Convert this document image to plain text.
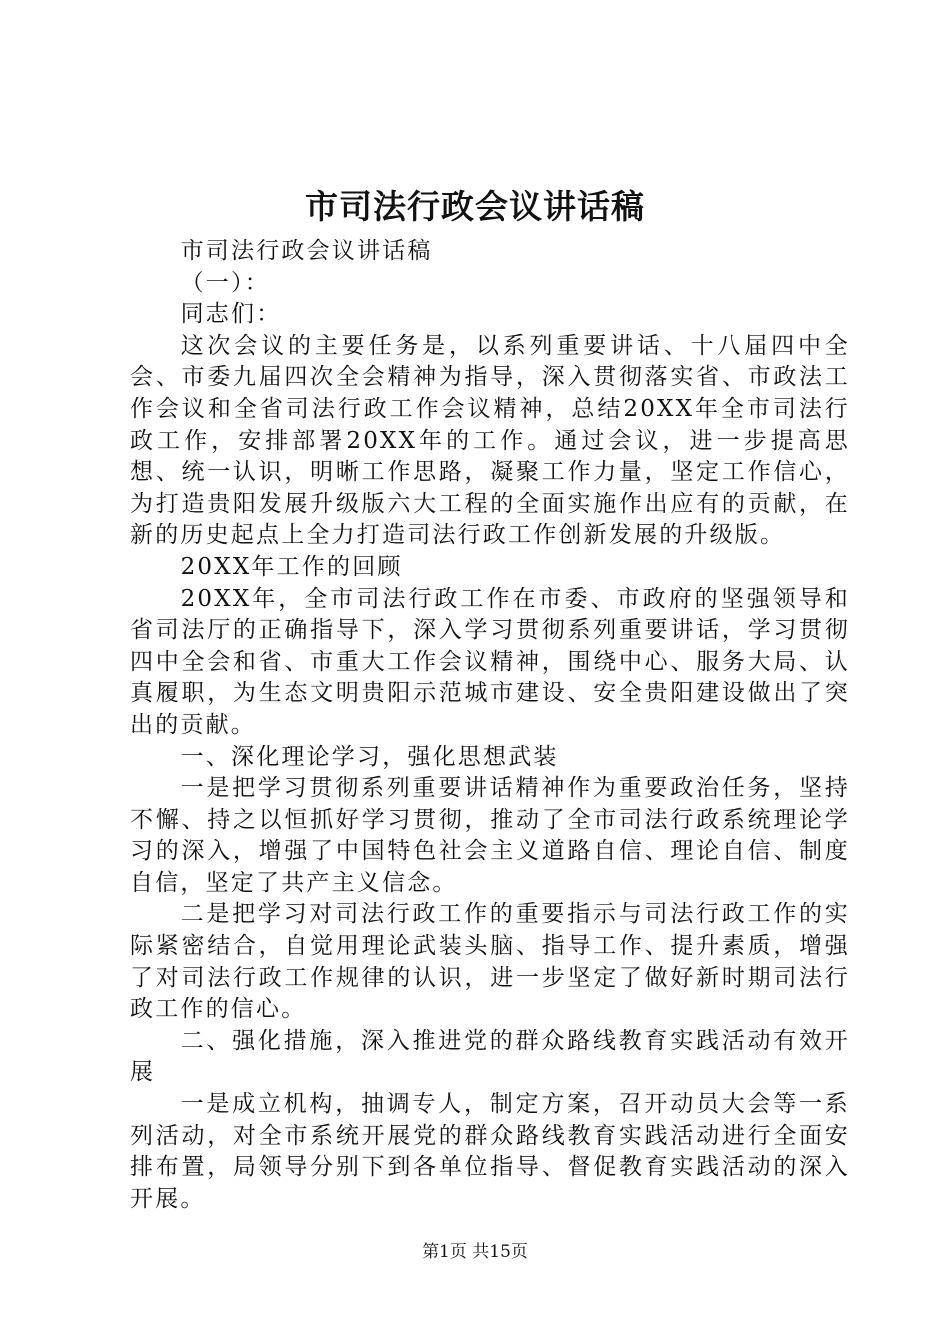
市司法行政会议讲话稿

市司法行政会议讲话稿

（一）：

同志们：

这次会议的主要任务是，以系列重要讲话、十八届四中全会、市委九届四次全会精神为指导，深入贯彻落实省、市政法工作会议和全省司法行政工作会议精神，总结20XX年全市司法行政工作，安排部署20XX年的工作。通过会议，进一步提高思想、统一认识，明晰工作思路，凝聚工作力量，坚定工作信心，为打造贵阳发展升级版六大工程的全面实施作出应有的贡献，在新的历史起点上全力打造司法行政工作创新发展的升级版。

20XX年工作的回顾

20XX年，全市司法行政工作在市委、市政府的坚强领导和省司法厅的正确指导下，深入学习贯彻系列重要讲话，学习贯彻四中全会和省、市重大工作会议精神，围绕中心、服务大局、认真履职，为生态文明贵阳示范城市建设、安全贵阳建设做出了突出的贡献。

一、深化理论学习，强化思想武装

一是把学习贯彻系列重要讲话精神作为重要政治任务，坚持不懈、持之以恒抓好学习贯彻，推动了全市司法行政系统理论学习的深入，增强了中国特色社会主义道路自信、理论自信、制度自信，坚定了共产主义信念。

二是把学习对司法行政工作的重要指示与司法行政工作的实际紧密结合，自觉用理论武装头脑、指导工作、提升素质，增强了对司法行政工作规律的认识，进一步坚定了做好新时期司法行政工作的信心。

二、强化措施，深入推进党的群众路线教育实践活动有效开展

一是成立机构，抽调专人，制定方案，召开动员大会等一系列活动，对全市系统开展党的群众路线教育实践活动进行全面安排布置，局领导分别下到各单位指导、督促教育实践活动的深入开展。

第1页 共15页
